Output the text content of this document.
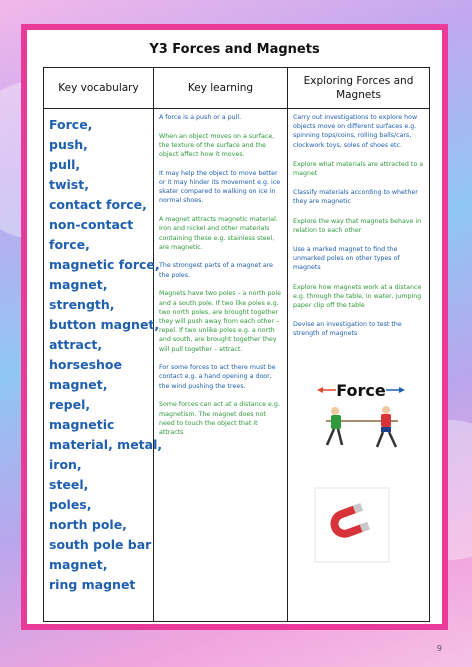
Y3 Forces and Magnets
Key vocabulary
Force,
push,
pull,
twist,
contact force,
non-contact
force,
magnetic force,
magnet,
strength,
button magnet,
attract,
horseshoe
magnet,
repel,
magnetic
material, metal,
iron,
steel,
poles,
north pole,
south pole bar
magnet,
ring magnet
Key learning

A force is a push or a pull.

When an object moves on a surface, the texture of the surface and the object affect how it moves.

It may help the object to move better or it may hinder its movement e.g. ice skater compared to walking on ice in normal shoes.

A magnet attracts magnetic material. Iron and nickel and other materials containing these e.g. stainless steel, are magnetic.

The strongest parts of a magnet are the poles.

Magnets have two poles – a north pole and a south pole. If two like poles e.g. two north poles, are brought together they will push away from each other – repel. If two unlike poles e.g. a north and south, are brought together they will pull together – attract.

For some forces to act there must be contact e.g. a hand opening a door, the wind pushing the trees.

Some forces can act at a distance e.g. magnetism. The magnet does not need to touch the object that it attracts

Exploring Forces and Magnets

Carry out investigations to explore how objects move on different surfaces e.g. spinning tops/coins, rolling balls/cars, clockwork toys, soles of shoes etc.

Explore what materials are attracted to a magnet

Classify materials according to whether they are magnetic

Explore the way that magnets behave in relation to each other

Use a marked magnet to find the unmarked poles on other types of magnets

Explore how magnets work at a distance e.g. through the table, in water, jumping paper clip off the table

Devise an investigation to test the strength of magnets

Force
9
